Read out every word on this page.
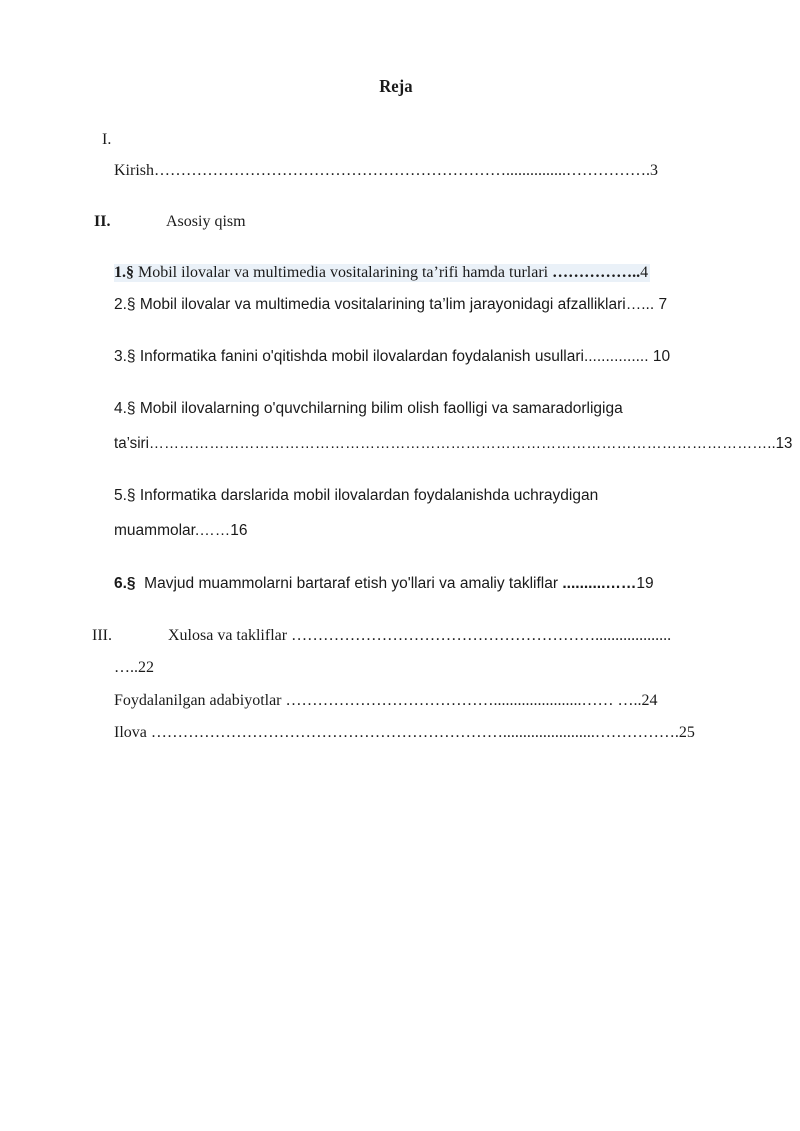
Reja
I.
Kirish…………………………………………………………...............…………….3
II.	Asosiy qism
1.§ Mobil ilovalar va multimedia vositalarining ta’rifi hamda turlari ……………..4
2.§ Mobil ilovalar va multimedia vositalarining ta’lim jarayonidagi afzalliklari…... 7
3.§ Informatika fanini o'qitishda mobil ilovalardan foydalanish usullari............... 10
4.§ Mobil ilovalarning o'quvchilarning bilim olish faolligi va samaradorligiga
ta’siri……………………………………………………………………………………………………………..13
5.§ Informatika darslarida mobil ilovalardan foydalanishda uchraydigan
muammolar.……16
6.§  Mavjud muammolarni bartaraf etish yo'llari va amaliy takliflar ..........……19
III.	Xulosa va takliflar …………………………………………………...................
…..22
Foydalanilgan adabiyotlar …………………………………......................…… …..24
Ilova ………………………………………………………….......................…………….25
